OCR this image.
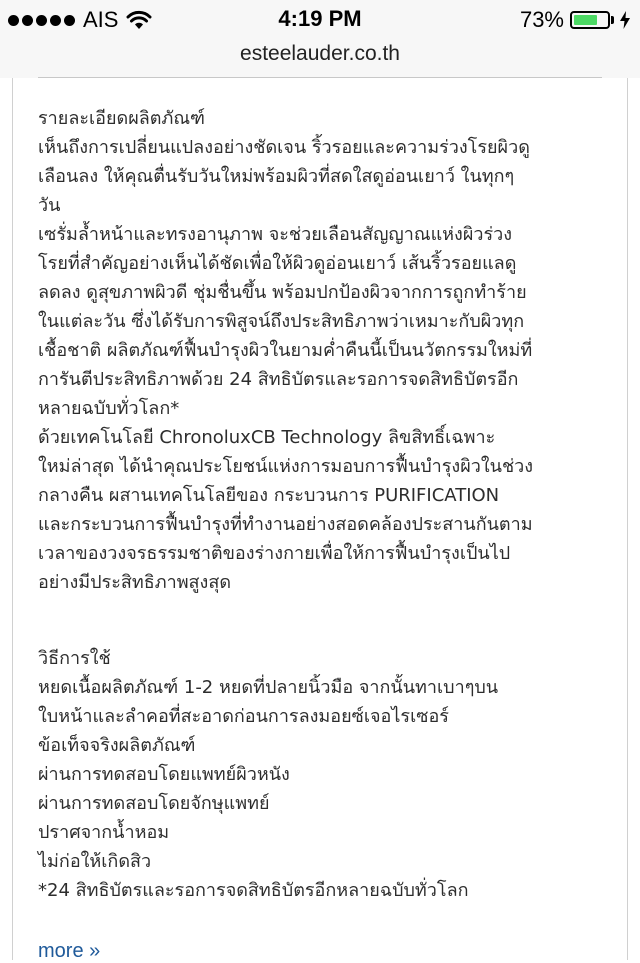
AIS	4:19 PM	73%
esteelauder.co.th
รายละเอียดผลิตภัณฑ์
เห็นถึงการเปลี่ยนแปลงอย่างชัดเจน ริ้วรอยและความร่วงโรยผิวดู
เลือนลง ให้คุณตื่นรับวันใหม่พร้อมผิวที่สดใสดูอ่อนเยาว์ ในทุกๆ
วัน
เซรั่มล้ำหน้าและทรงอานุภาพ จะช่วยเลือนสัญญาณแห่งผิวร่วง
โรยที่สำคัญอย่างเห็นได้ชัดเพื่อให้ผิวดูอ่อนเยาว์ เส้นริ้วรอยแลดู
ลดลง ดูสุขภาพผิวดี ชุ่มชื่นขึ้น พร้อมปกป้องผิวจากการถูกทำร้าย
ในแต่ละวัน ซึ่งได้รับการพิสูจน์ถึงประสิทธิภาพว่าเหมาะกับผิวทุก
เชื้อชาติ ผลิตภัณฑ์ฟื้นบำรุงผิวในยามค่ำคืนนี้เป็นนวัตกรรมใหม่ที่
การันตีประสิทธิภาพด้วย 24 สิทธิบัตรและรอการจดสิทธิบัตรอีก
หลายฉบับทั่วโลก*
ด้วยเทคโนโลยี ChronoluxCB Technology ลิขสิทธิ์เฉพาะ
ใหม่ล่าสุด ได้นำคุณประโยชน์แห่งการมอบการฟื้นบำรุงผิวในช่วง
กลางคืน ผสานเทคโนโลยีของ กระบวนการ PURIFICATION
และกระบวนการฟื้นบำรุงที่ทำงานอย่างสอดคล้องประสานกันตาม
เวลาของวงจรธรรมชาติของร่างกายเพื่อให้การฟื้นบำรุงเป็นไป
อย่างมีประสิทธิภาพสูงสุด
วิธีการใช้
หยดเนื้อผลิตภัณฑ์ 1-2 หยดที่ปลายนิ้วมือ จากนั้นทาเบาๆบน
ใบหน้าและลำคอที่สะอาดก่อนการลงมอยซ์เจอไรเซอร์
ข้อเท็จจริงผลิตภัณฑ์
ผ่านการทดสอบโดยแพทย์ผิวหนัง
ผ่านการทดสอบโดยจักษุแพทย์
ปราศจากน้ำหอม
ไม่ก่อให้เกิดสิว
*24 สิทธิบัตรและรอการจดสิทธิบัตรอีกหลายฉบับทั่วโลก
more »
